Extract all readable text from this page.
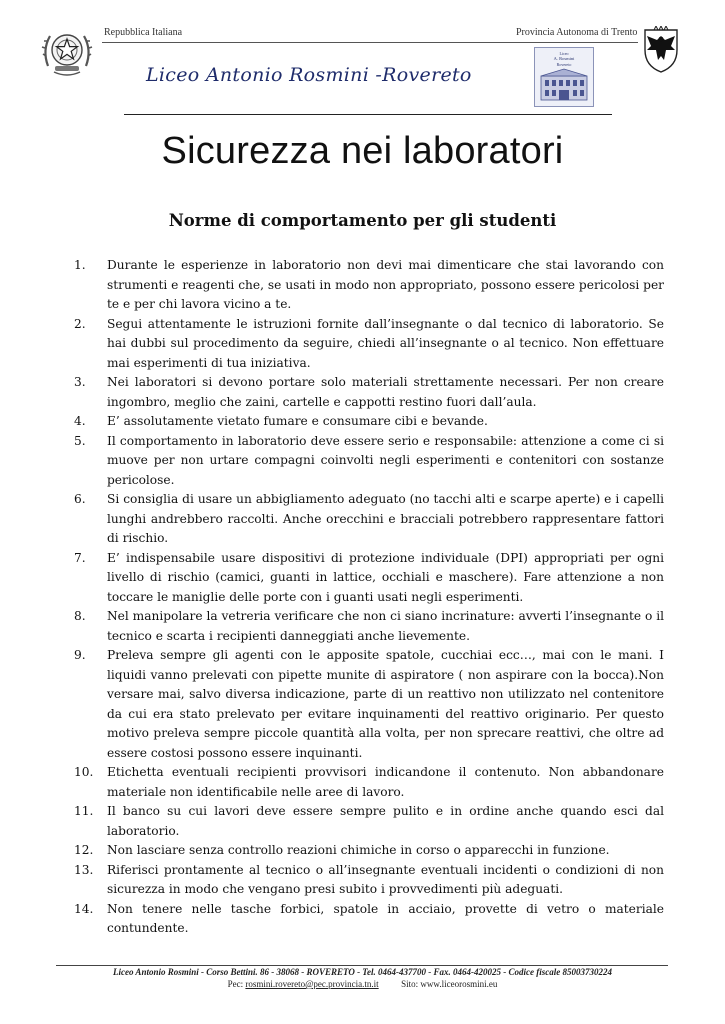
Repubblica Italiana	Provincia Autonoma di Trento
Liceo Antonio Rosmini -Rovereto
Liceo
A. Rosmini
Rovereto
Sicurezza nei laboratori
Norme di comportamento per gli studenti
1. Durante le esperienze in laboratorio non devi mai dimenticare che stai lavorando con strumenti e reagenti che, se usati in modo non appropriato, possono essere pericolosi per te e per chi lavora vicino a te.
2. Segui attentamente le istruzioni fornite dall’insegnante o dal tecnico di laboratorio. Se hai dubbi sul procedimento da seguire, chiedi all’insegnante o al tecnico. Non effettuare mai esperimenti di tua iniziativa.
3. Nei laboratori si devono portare solo materiali strettamente necessari. Per non creare ingombro, meglio che zaini, cartelle e cappotti restino fuori dall’aula.
4. E’ assolutamente vietato fumare e consumare cibi e bevande.
5. Il comportamento in laboratorio deve essere serio e responsabile: attenzione a come ci si muove per non urtare compagni coinvolti negli esperimenti e contenitori con sostanze pericolose.
6. Si consiglia di usare un abbigliamento adeguato (no tacchi alti e scarpe aperte) e i capelli lunghi andrebbero raccolti. Anche orecchini e bracciali potrebbero rappresentare fattori di rischio.
7. E’ indispensabile usare dispositivi di protezione individuale (DPI) appropriati per ogni livello di rischio (camici, guanti in lattice, occhiali e maschere). Fare attenzione a non toccare le maniglie delle porte con i guanti usati negli esperimenti.
8. Nel manipolare la vetreria verificare che non ci siano incrinature: avverti l’insegnante o il tecnico e scarta i recipienti danneggiati anche lievemente.
9. Preleva sempre gli agenti con le apposite spatole, cucchiai ecc…, mai con le mani. I liquidi vanno prelevati con pipette munite di aspiratore ( non aspirare con la bocca).Non versare mai, salvo diversa indicazione, parte di un reattivo non utilizzato nel contenitore da cui era stato prelevato per evitare inquinamenti del reattivo originario. Per questo motivo preleva sempre piccole quantità alla volta, per non sprecare reattivi, che oltre ad essere costosi possono essere inquinanti.
10. Etichetta eventuali recipienti provvisori indicandone il contenuto. Non abbandonare materiale non identificabile nelle aree di lavoro.
11. Il banco su cui lavori deve essere sempre pulito e in ordine anche quando esci dal laboratorio.
12. Non lasciare senza controllo reazioni chimiche in corso o apparecchi in funzione.
13. Riferisci prontamente al tecnico o all’insegnante eventuali incidenti o condizioni di non sicurezza in modo che vengano presi subito i provvedimenti più adeguati.
14. Non tenere nelle tasche forbici, spatole in acciaio, provette di vetro o materiale contundente.
Liceo Antonio Rosmini - Corso Bettini. 86 - 38068 - ROVERETO - Tel. 0464-437700 - Fax. 0464-420025 - Codice fiscale 85003730224
Pec: rosmini.rovereto@pec.provincia.tn.it	Sito: www.liceorosmini.eu
